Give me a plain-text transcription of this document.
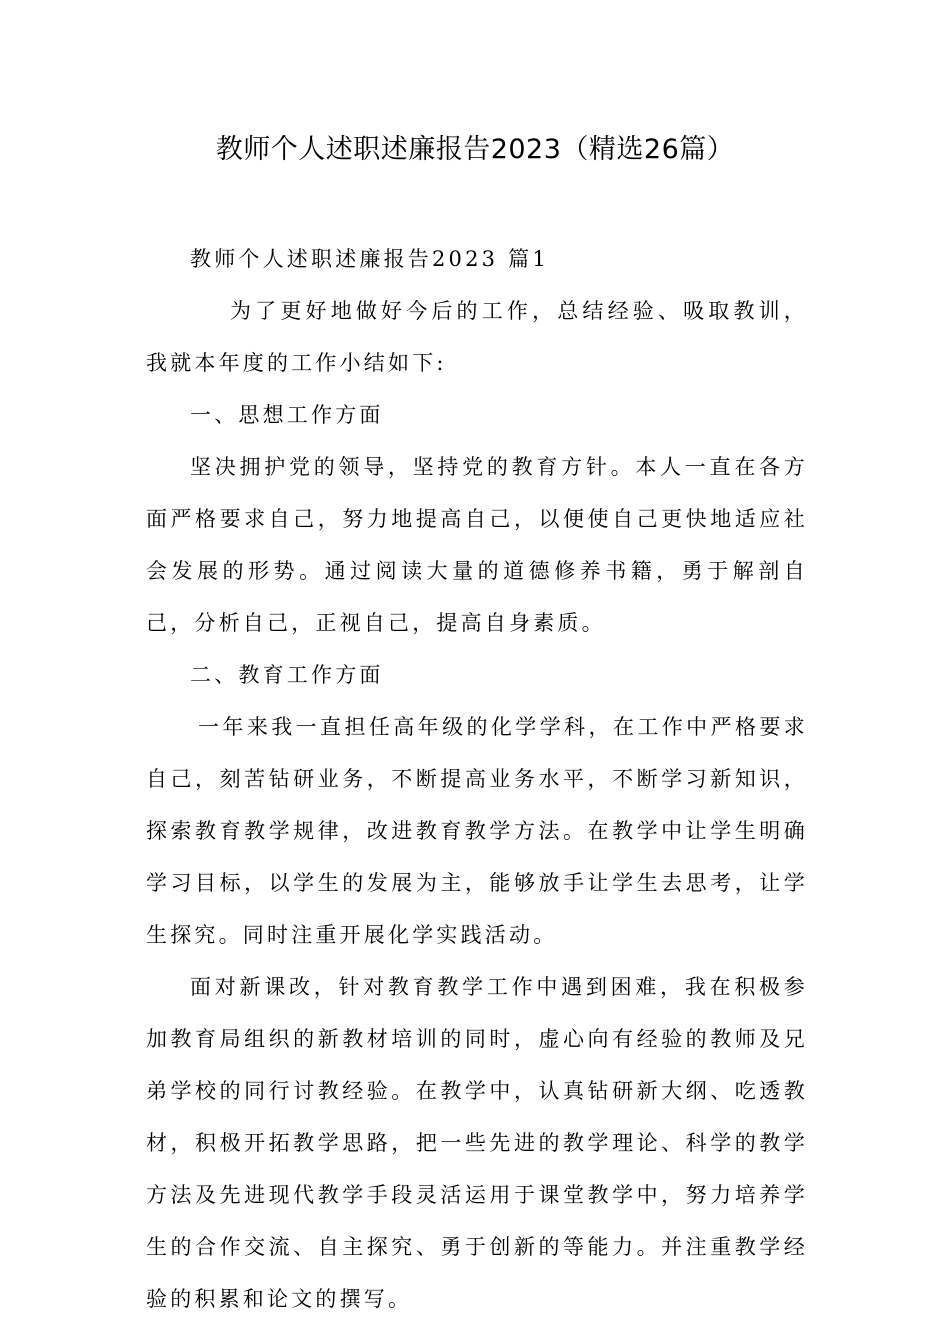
教师个人述职述廉报告2023（精选26篇）

教师个人述职述廉报告2023 篇1

为了更好地做好今后的工作，总结经验、吸取教训，我就本年度的工作小结如下:

一、思想工作方面

坚决拥护党的领导，坚持党的教育方针。本人一直在各方面严格要求自己，努力地提高自己，以便使自己更快地适应社会发展的形势。通过阅读大量的道德修养书籍，勇于解剖自己，分析自己，正视自己，提高自身素质。

二、教育工作方面

一年来我一直担任高年级的化学学科，在工作中严格要求自己，刻苦钻研业务，不断提高业务水平，不断学习新知识，探索教育教学规律，改进教育教学方法。在教学中让学生明确学习目标，以学生的发展为主，能够放手让学生去思考，让学生探究。同时注重开展化学实践活动。

面对新课改，针对教育教学工作中遇到困难，我在积极参加教育局组织的新教材培训的同时，虚心向有经验的教师及兄弟学校的同行讨教经验。在教学中，认真钻研新大纲、吃透教材，积极开拓教学思路，把一些先进的教学理论、科学的教学方法及先进现代教学手段灵活运用于课堂教学中，努力培养学生的合作交流、自主探究、勇于创新的等能力。并注重教学经验的积累和论文的撰写。
